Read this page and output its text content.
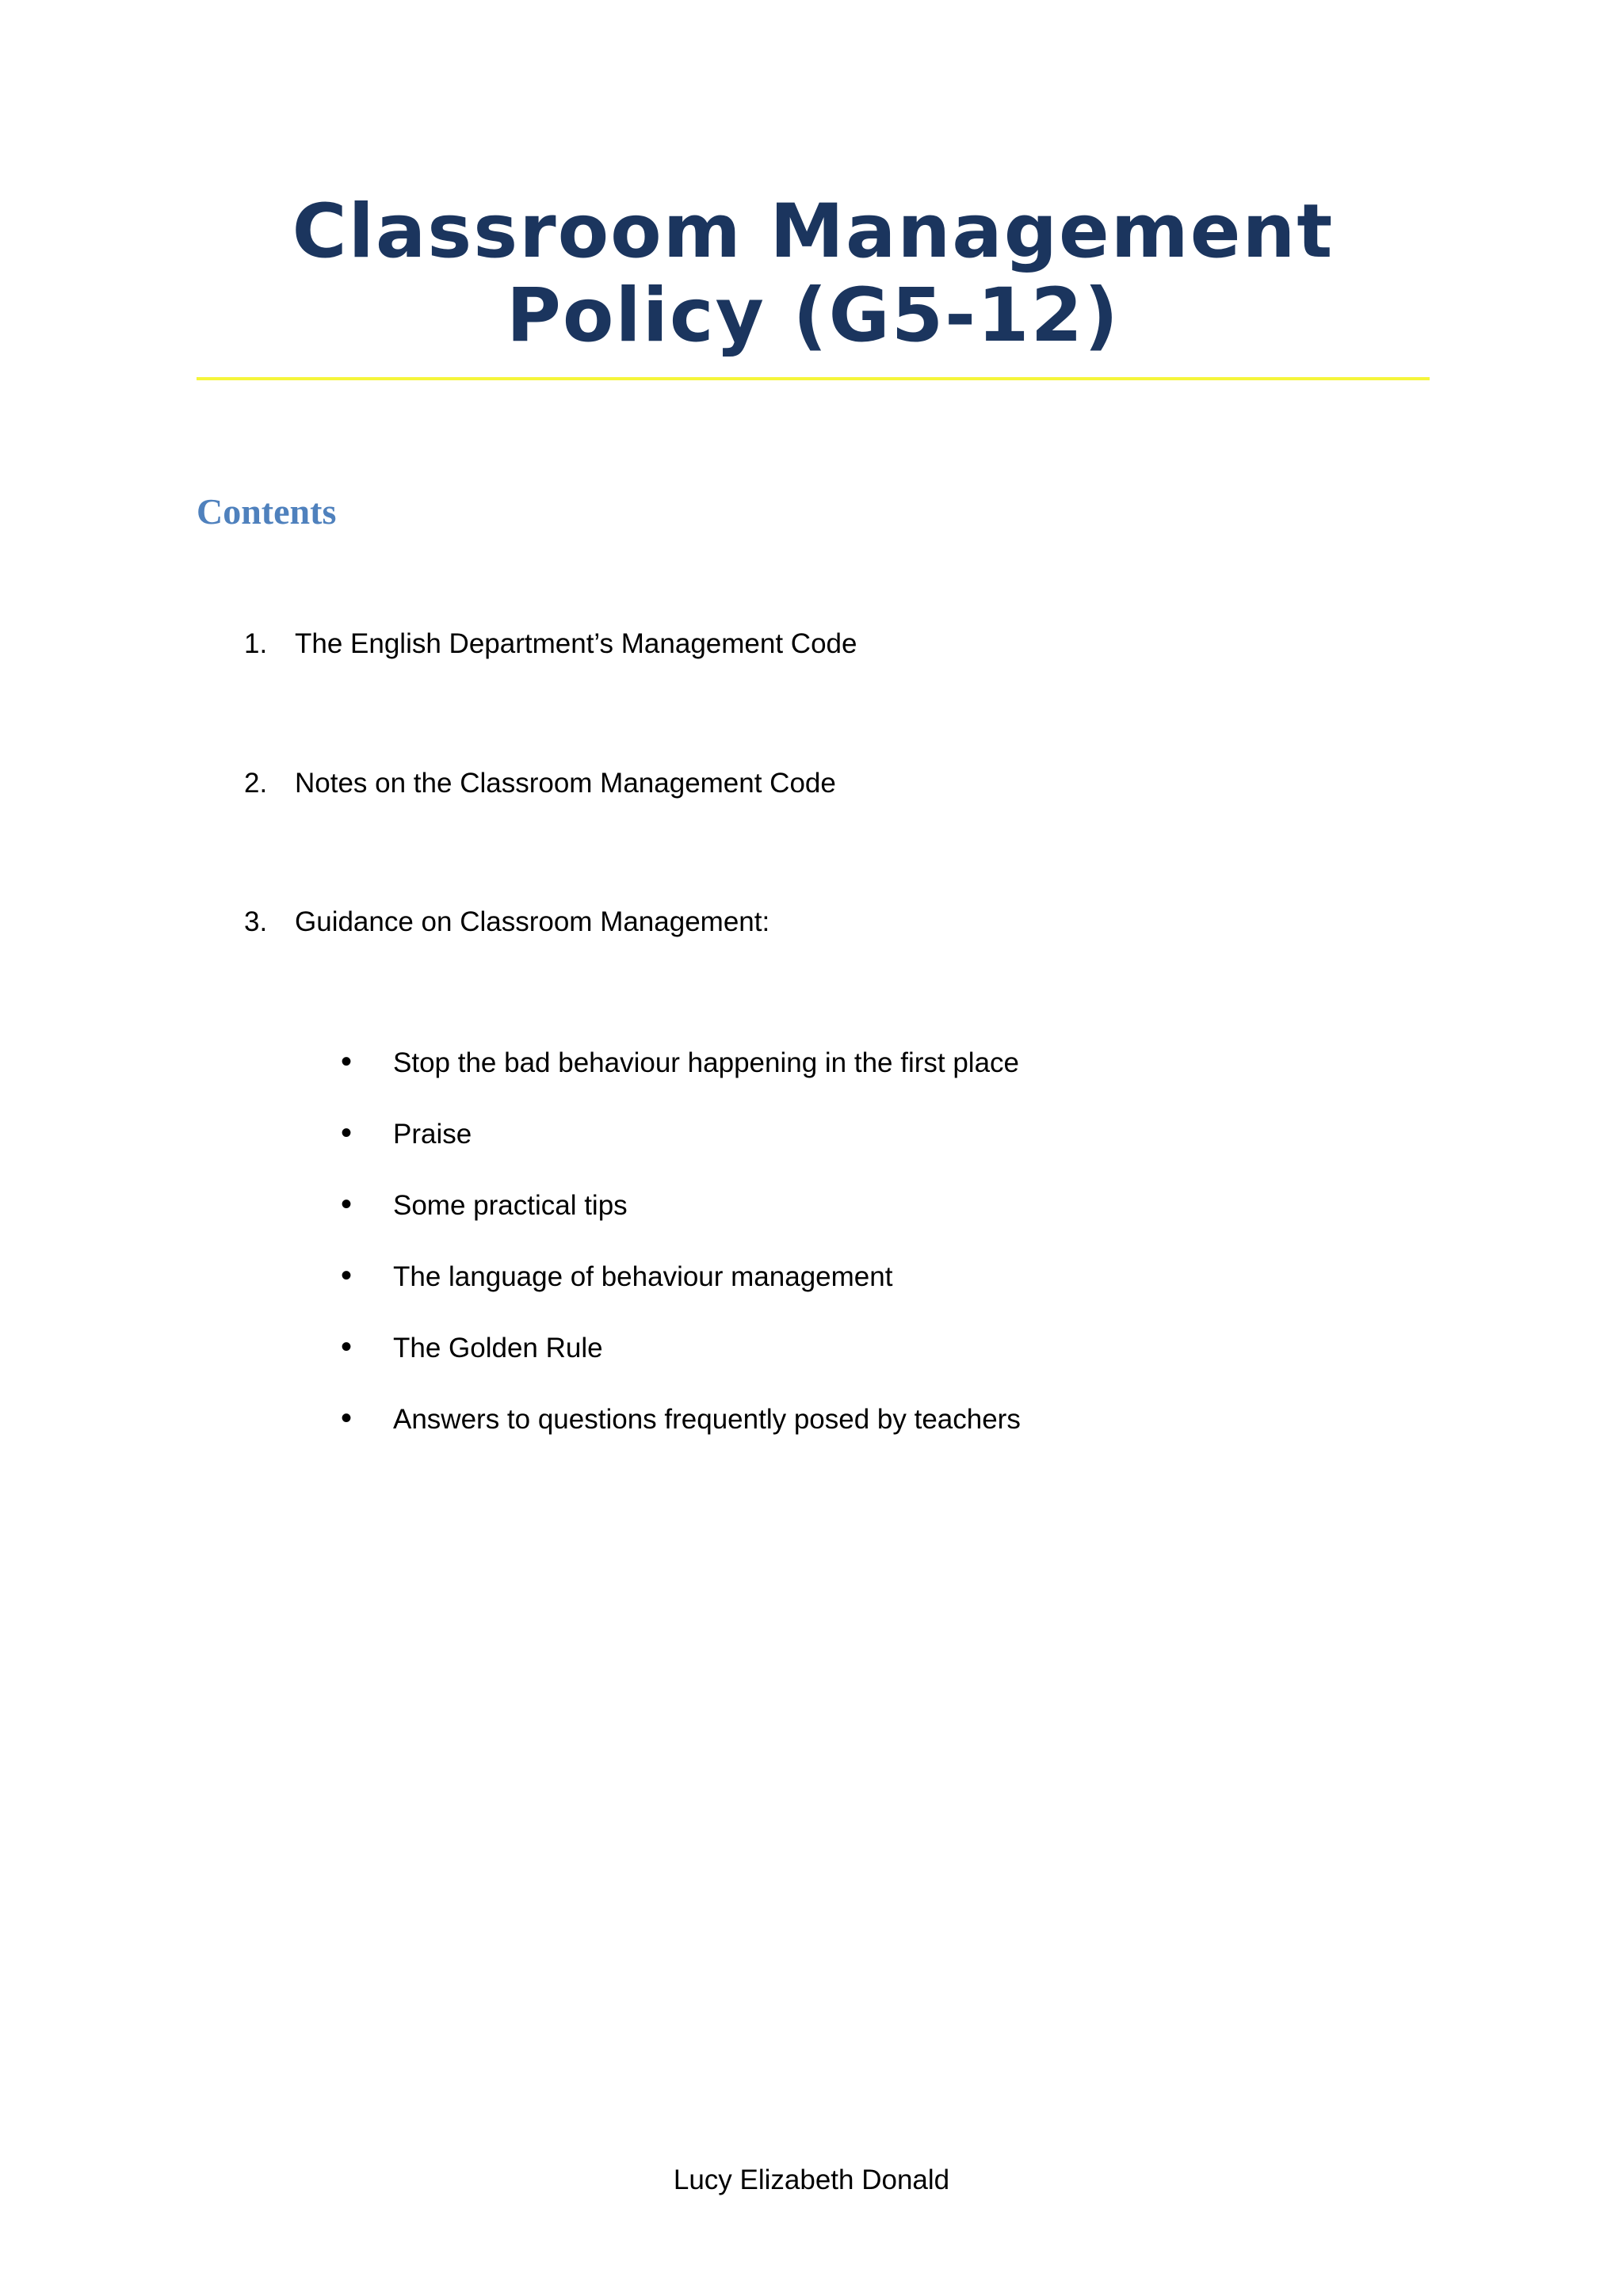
Classroom Management
Policy (G5-12)
Contents
1. The English Department’s Management Code
2. Notes on the Classroom Management Code
3. Guidance on Classroom Management:
• Stop the bad behaviour happening in the first place
• Praise
• Some practical tips
• The language of behaviour management
• The Golden Rule
• Answers to questions frequently posed by teachers
Lucy Elizabeth Donald
